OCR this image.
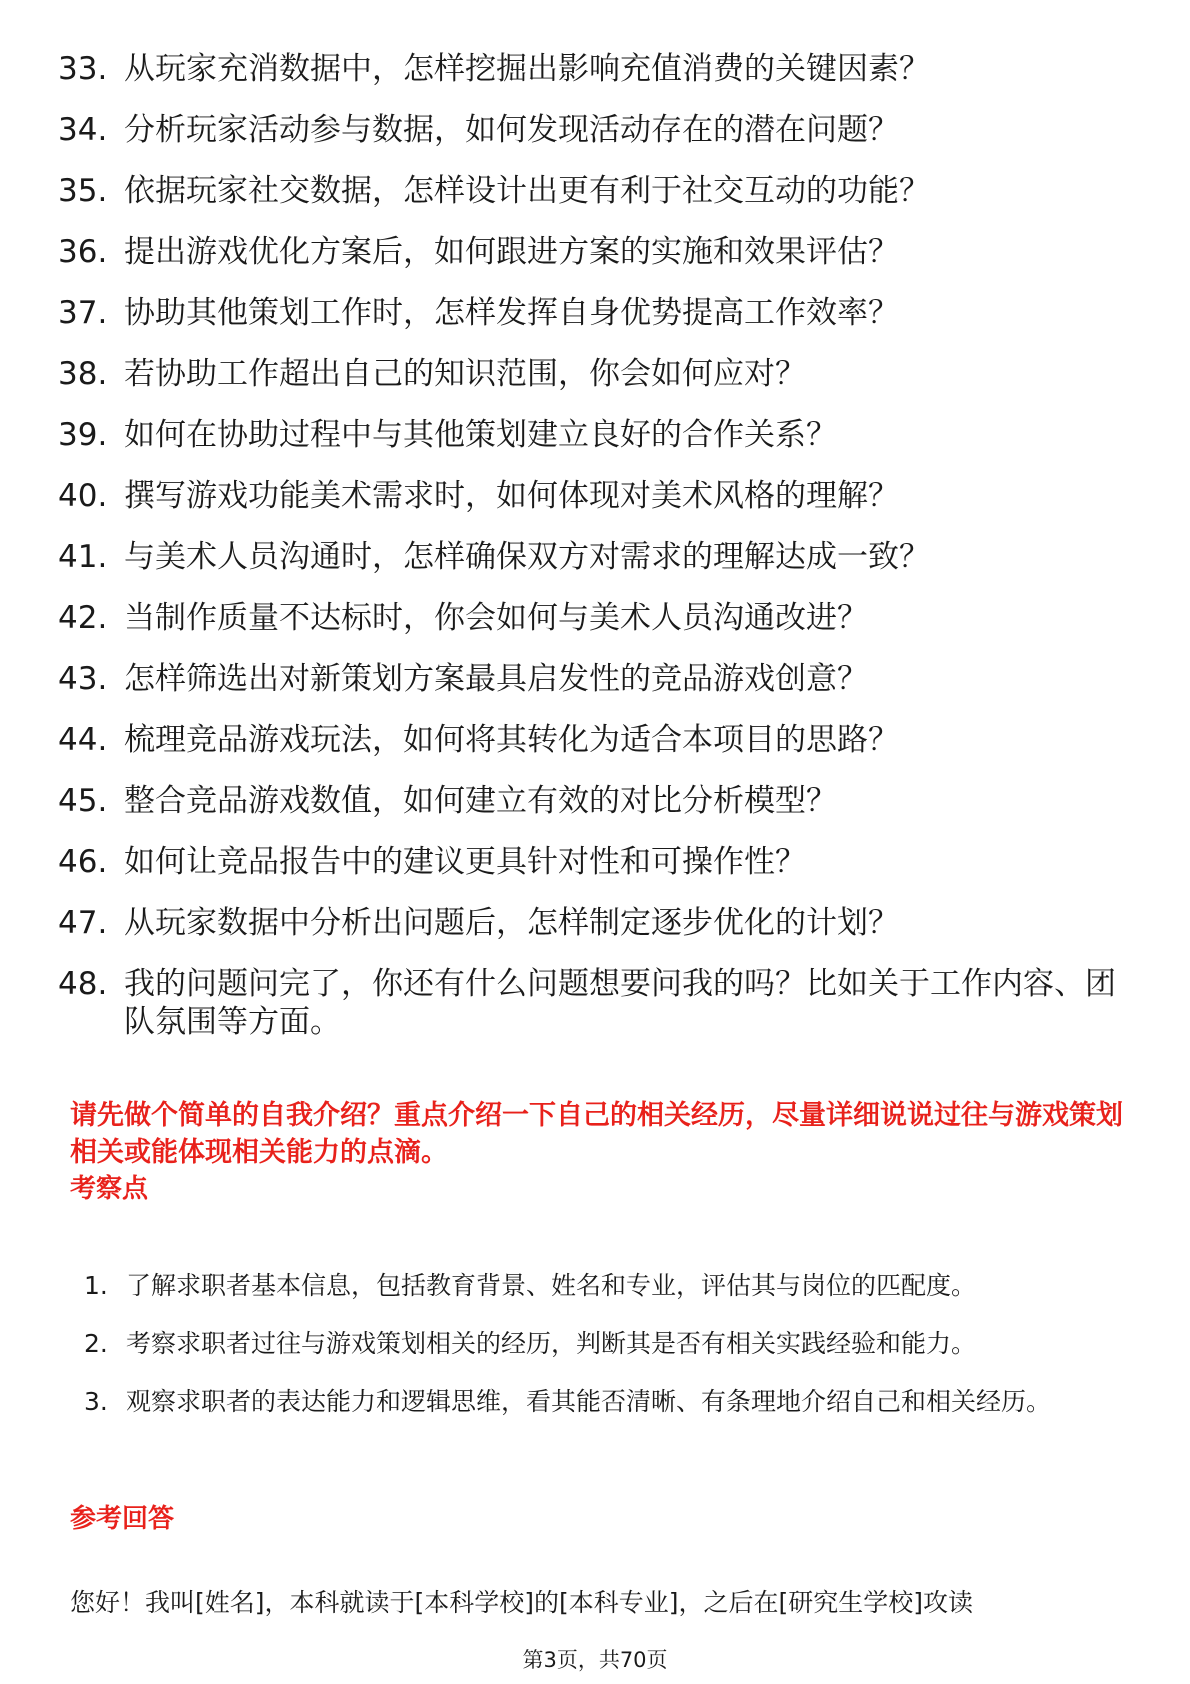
33. 从玩家充消数据中，怎样挖掘出影响充值消费的关键因素？
34. 分析玩家活动参与数据，如何发现活动存在的潜在问题？
35. 依据玩家社交数据，怎样设计出更有利于社交互动的功能？
36. 提出游戏优化方案后，如何跟进方案的实施和效果评估？
37. 协助其他策划工作时，怎样发挥自身优势提高工作效率？
38. 若协助工作超出自己的知识范围，你会如何应对？
39. 如何在协助过程中与其他策划建立良好的合作关系？
40. 撰写游戏功能美术需求时，如何体现对美术风格的理解？
41. 与美术人员沟通时，怎样确保双方对需求的理解达成一致？
42. 当制作质量不达标时，你会如何与美术人员沟通改进？
43. 怎样筛选出对新策划方案最具启发性的竞品游戏创意？
44. 梳理竞品游戏玩法，如何将其转化为适合本项目的思路？
45. 整合竞品游戏数值，如何建立有效的对比分析模型？
46. 如何让竞品报告中的建议更具针对性和可操作性？
47. 从玩家数据中分析出问题后，怎样制定逐步优化的计划？
48. 我的问题问完了，你还有什么问题想要问我的吗？比如关于工作内容、团队氛围等方面。
请先做个简单的自我介绍？重点介绍一下自己的相关经历，尽量详细说说过往与游戏策划相关或能体现相关能力的点滴。
考察点
1. 了解求职者基本信息，包括教育背景、姓名和专业，评估其与岗位的匹配度。
2. 考察求职者过往与游戏策划相关的经历，判断其是否有相关实践经验和能力。
3. 观察求职者的表达能力和逻辑思维，看其能否清晰、有条理地介绍自己和相关经历。
参考回答
您好！我叫[姓名]，本科就读于[本科学校]的[本科专业]，之后在[研究生学校]攻读
第3页，共70页
